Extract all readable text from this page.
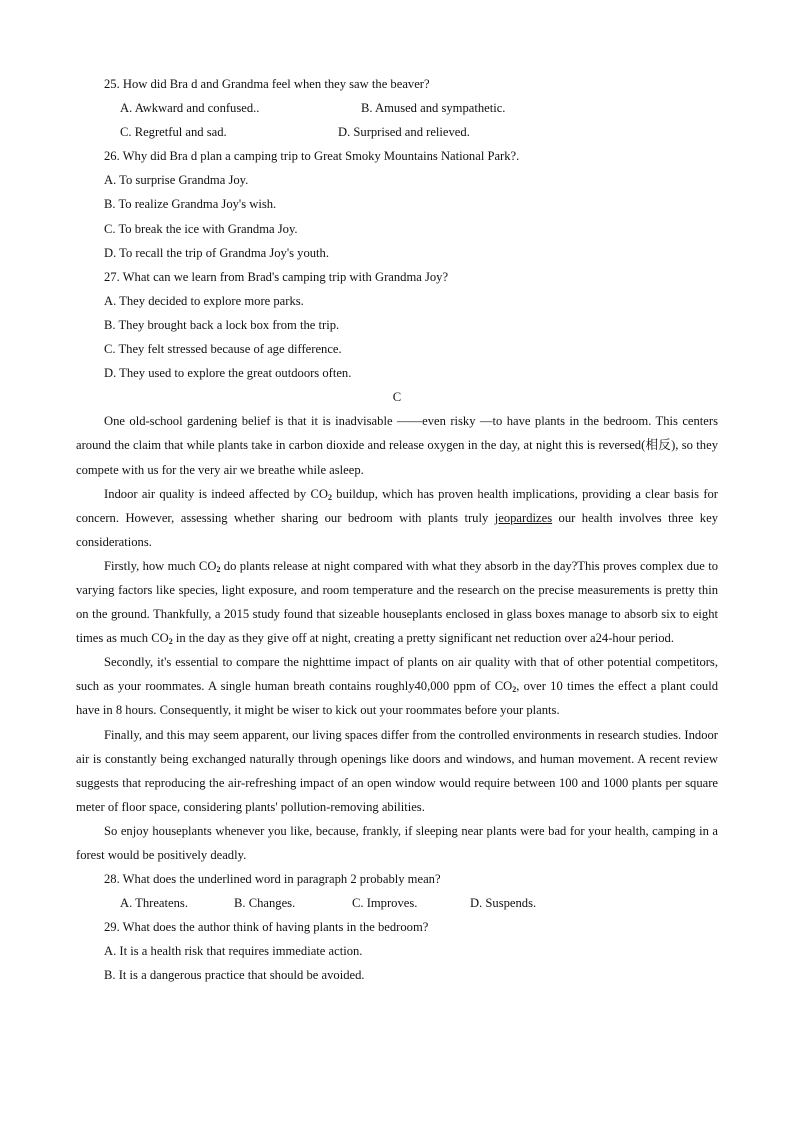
25. How did Bra d and Grandma feel when they saw the beaver?
A. Awkward and confused..	B. Amused and sympathetic.
C. Regretful and sad.	D. Surprised and relieved.
26. Why did Bra d plan a camping trip to Great Smoky Mountains National Park?.
A. To surprise Grandma Joy.
B. To realize Grandma Joy's wish.
C. To break the ice with Grandma Joy.
D. To recall the trip of Grandma Joy's youth.
27. What can we learn from Brad's camping trip with Grandma Joy?
A. They decided to explore more parks.
B. They brought back a lock box from the trip.
C. They felt stressed because of age difference.
D. They used to explore the great outdoors often.
C

One old-school gardening belief is that it is inadvisable ——even risky —to have plants in the bedroom. This centers around the claim that while plants take in carbon dioxide and release oxygen in the day, at night this is reversed(相反), so they compete with us for the very air we breathe while asleep.

Indoor air quality is indeed affected by $CO_2$ buildup, which has proven health implications, providing a clear basis for concern. However, assessing whether sharing our bedroom with plants truly jeopardizes our health involves three key considerations.

Firstly, how much $CO_2$ do plants release at night compared with what they absorb in the day?This proves complex due to varying factors like species, light exposure, and room temperature and the research on the precise measurements is pretty thin on the ground. Thankfully, a 2015 study found that sizeable houseplants enclosed in glass boxes manage to absorb six to eight times as much $CO_2$ in the day as they give off at night, creating a pretty significant net reduction over a24-hour period.

Secondly, it's essential to compare the nighttime impact of plants on air quality with that of other potential competitors, such as your roommates. A single human breath contains roughly40,000 ppm of $CO_2$, over 10 times the effect a plant could have in 8 hours. Consequently, it might be wiser to kick out your roommates before your plants.

Finally, and this may seem apparent, our living spaces differ from the controlled environments in research studies. Indoor air is constantly being exchanged naturally through openings like doors and windows, and human movement. A recent review suggests that reproducing the air-refreshing impact of an open window would require between 100 and 1000 plants per square meter of floor space, considering plants' pollution-removing abilities.

So enjoy houseplants whenever you like, because, frankly, if sleeping near plants were bad for your health, camping in a forest would be positively deadly.

28. What does the underlined word in paragraph 2 probably mean?
A. Threatens.	B. Changes.	C. Improves.	D. Suspends.
29. What does the author think of having plants in the bedroom?
A. It is a health risk that requires immediate action.
B. It is a dangerous practice that should be avoided.
